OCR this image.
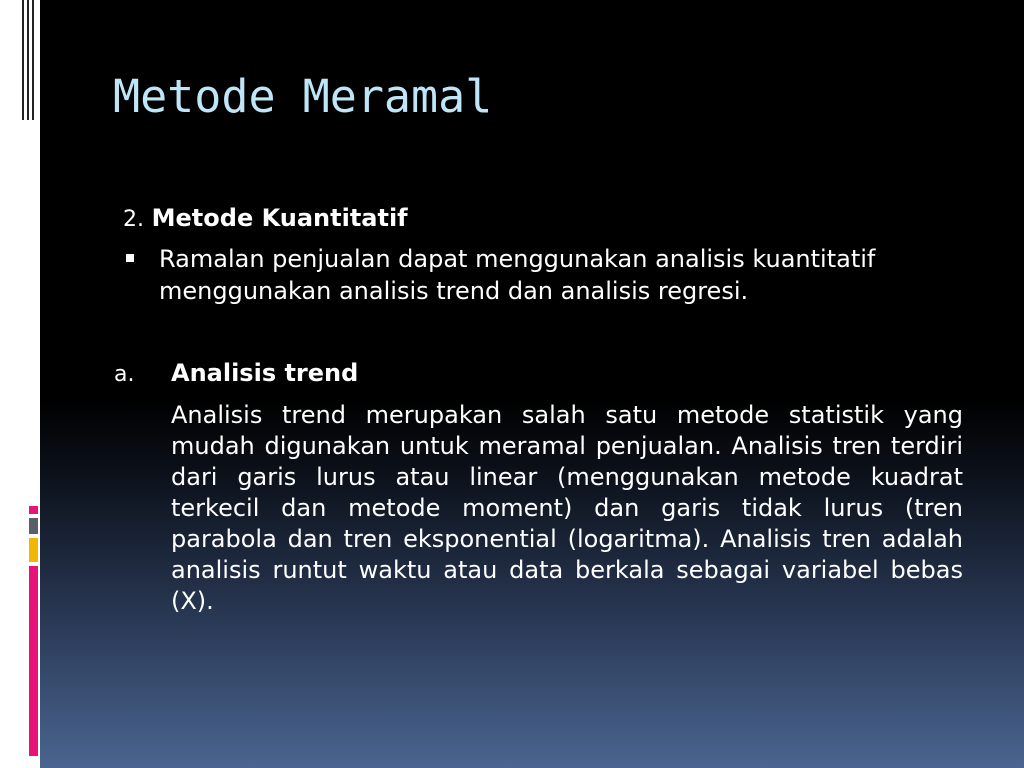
Metode Meramal
2. Metode Kuantitatif
Ramalan penjualan dapat menggunakan analisis kuantitatif
menggunakan analisis trend dan analisis regresi.
a. Analisis trend

Analisis trend merupakan salah satu metode statistik yang mudah digunakan untuk meramal penjualan. Analisis tren terdiri dari garis lurus atau linear (menggunakan metode kuadrat terkecil dan metode moment) dan garis tidak lurus (tren parabola dan tren eksponential (logaritma). Analisis tren adalah analisis runtut waktu atau data berkala sebagai variabel bebas (X).
